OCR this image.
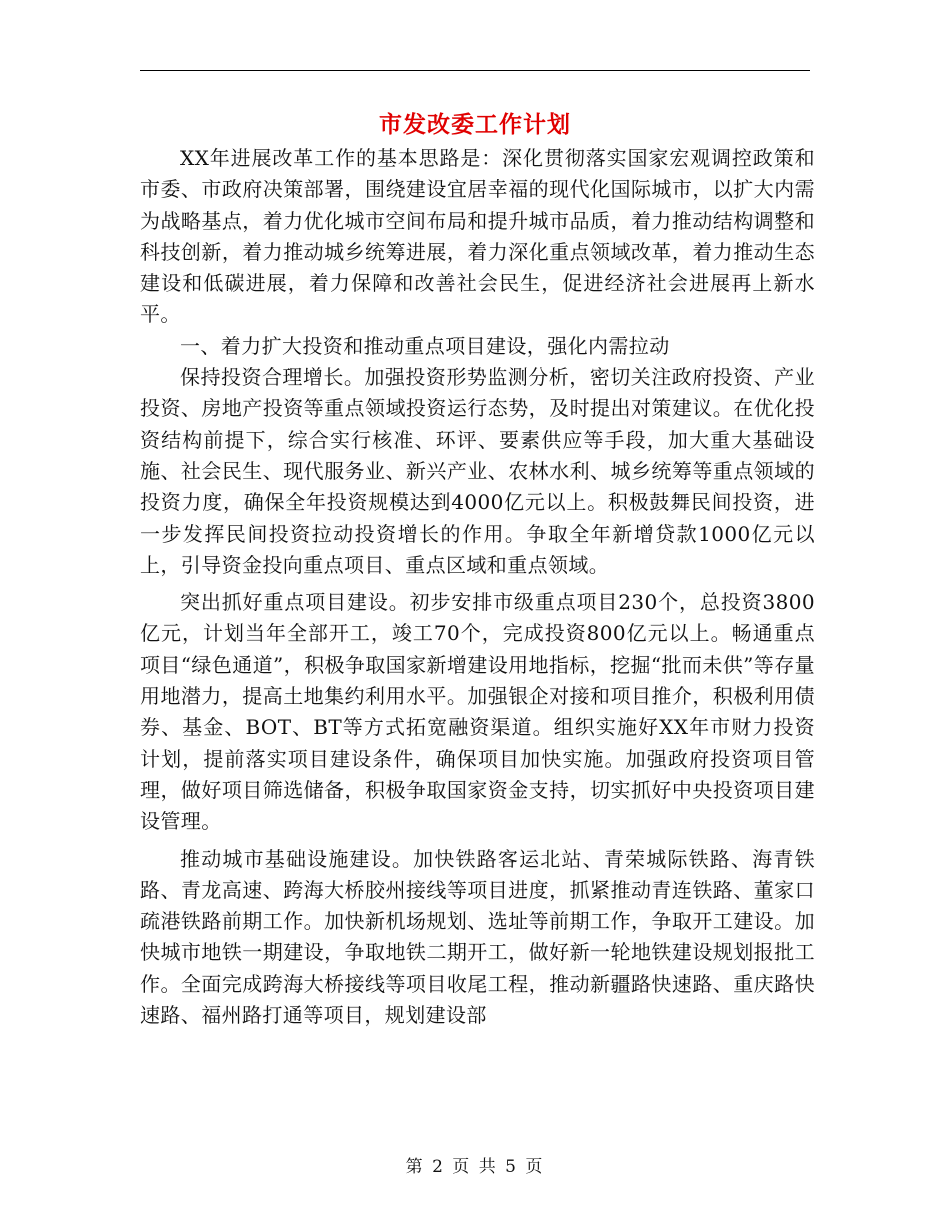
市发改委工作计划

XX年进展改革工作的基本思路是：深化贯彻落实国家宏观调控政策和市委、市政府决策部署，围绕建设宜居幸福的现代化国际城市，以扩大内需为战略基点，着力优化城市空间布局和提升城市品质，着力推动结构调整和科技创新，着力推动城乡统筹进展，着力深化重点领域改革，着力推动生态建设和低碳进展，着力保障和改善社会民生，促进经济社会进展再上新水平。

一、着力扩大投资和推动重点项目建设，强化内需拉动

保持投资合理增长。加强投资形势监测分析，密切关注政府投资、产业投资、房地产投资等重点领域投资运行态势，及时提出对策建议。在优化投资结构前提下，综合实行核准、环评、要素供应等手段，加大重大基础设施、社会民生、现代服务业、新兴产业、农林水利、城乡统筹等重点领域的投资力度，确保全年投资规模达到4000亿元以上。积极鼓舞民间投资，进一步发挥民间投资拉动投资增长的作用。争取全年新增贷款1000亿元以上，引导资金投向重点项目、重点区域和重点领域。

突出抓好重点项目建设。初步安排市级重点项目230个，总投资3800亿元，计划当年全部开工，竣工70个，完成投资800亿元以上。畅通重点项目“绿色通道”，积极争取国家新增建设用地指标，挖掘“批而未供”等存量用地潜力，提高土地集约利用水平。加强银企对接和项目推介，积极利用债券、基金、BOT、BT等方式拓宽融资渠道。组织实施好XX年市财力投资计划，提前落实项目建设条件，确保项目加快实施。加强政府投资项目管理，做好项目筛选储备，积极争取国家资金支持，切实抓好中央投资项目建设管理。

推动城市基础设施建设。加快铁路客运北站、青荣城际铁路、海青铁路、青龙高速、跨海大桥胶州接线等项目进度，抓紧推动青连铁路、董家口疏港铁路前期工作。加快新机场规划、选址等前期工作，争取开工建设。加快城市地铁一期建设，争取地铁二期开工，做好新一轮地铁建设规划报批工作。全面完成跨海大桥接线等项目收尾工程，推动新疆路快速路、重庆路快速路、福州路打通等项目，规划建设部

第 2 页 共 5 页
